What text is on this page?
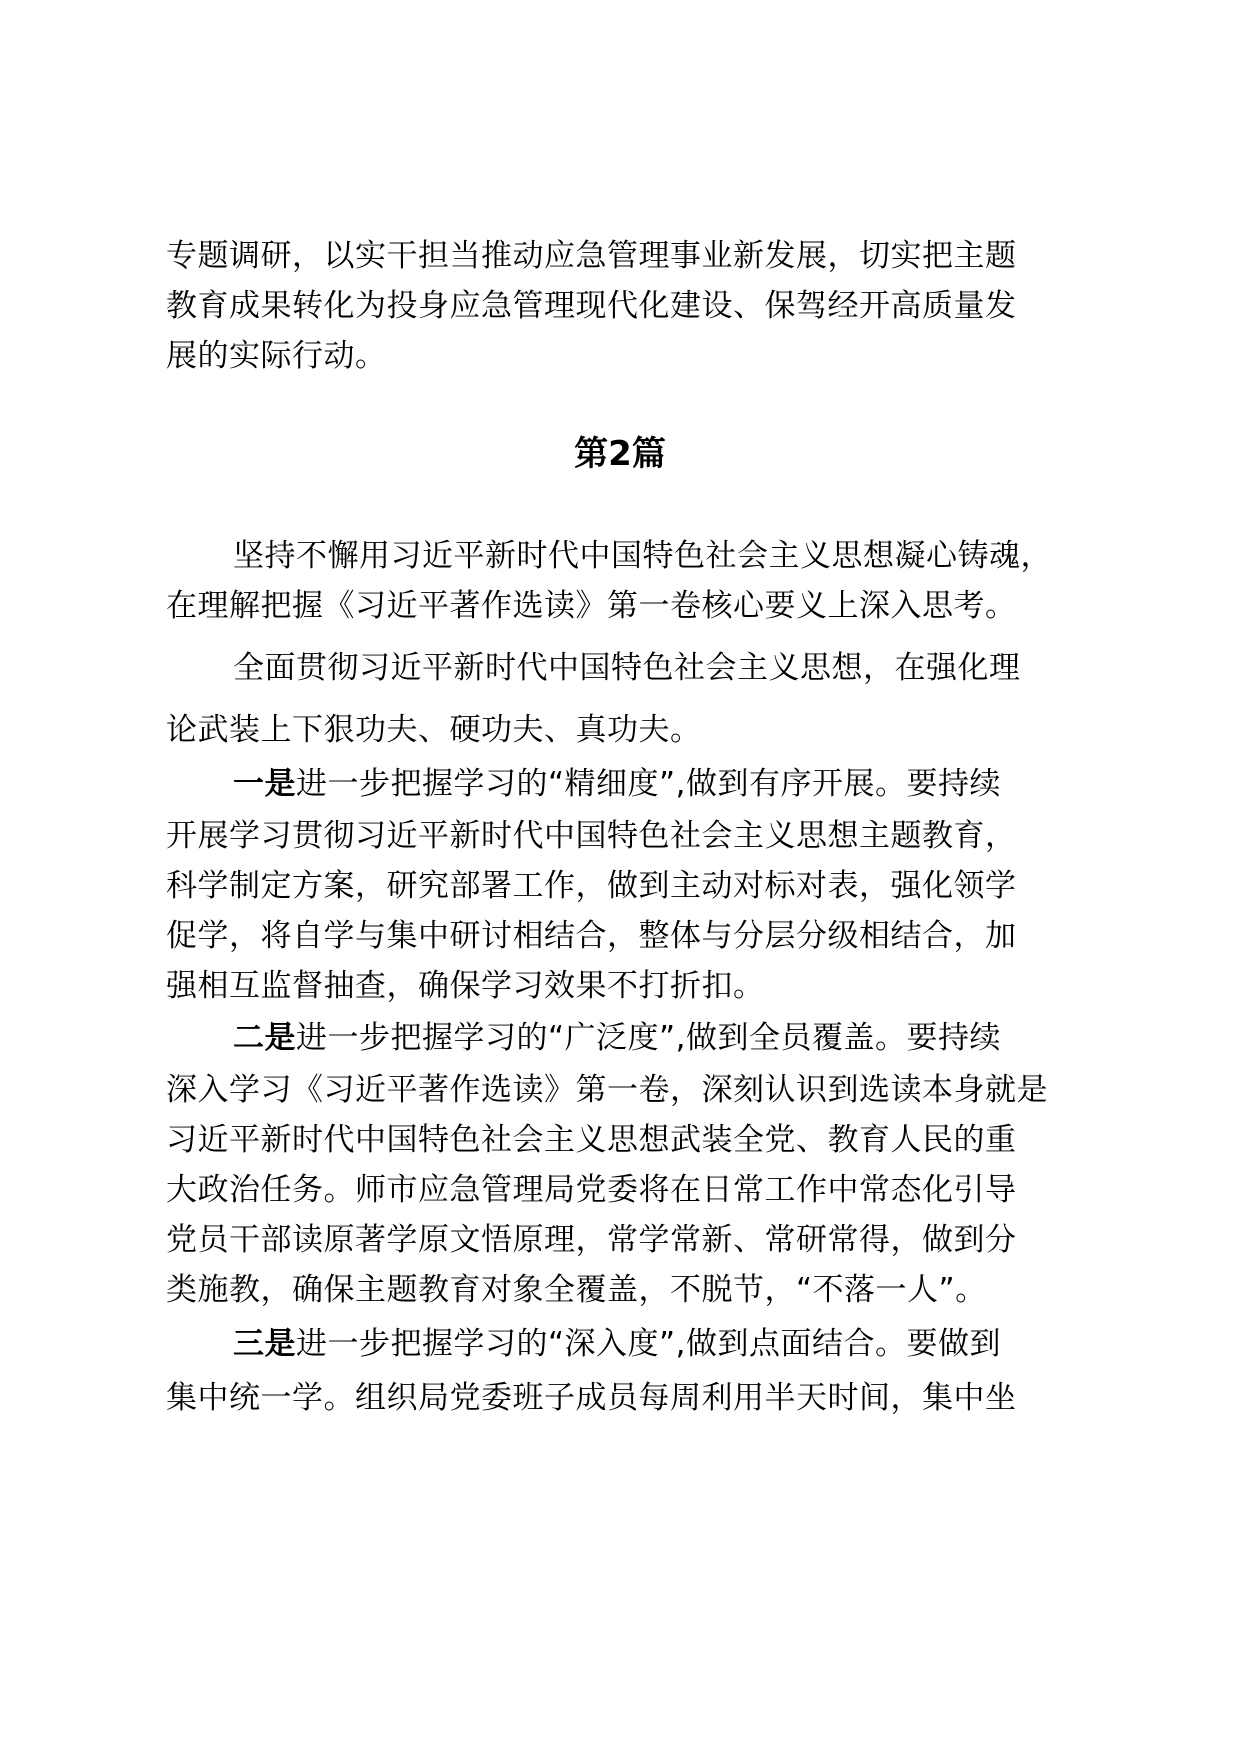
专题调研，以实干担当推动应急管理事业新发展，切实把主题
教育成果转化为投身应急管理现代化建设、保驾经开高质量发
展的实际行动。
第2篇
坚持不懈用习近平新时代中国特色社会主义思想凝心铸魂，
在理解把握《习近平著作选读》第一卷核心要义上深入思考。
全面贯彻习近平新时代中国特色社会主义思想，在强化理
论武装上下狠功夫、硬功夫、真功夫。
一是进一步把握学习的“精细度”,做到有序开展。要持续
开展学习贯彻习近平新时代中国特色社会主义思想主题教育，
科学制定方案，研究部署工作，做到主动对标对表，强化领学
促学，将自学与集中研讨相结合，整体与分层分级相结合，加
强相互监督抽查，确保学习效果不打折扣。
二是进一步把握学习的“广泛度”,做到全员覆盖。要持续
深入学习《习近平著作选读》第一卷，深刻认识到选读本身就是
习近平新时代中国特色社会主义思想武装全党、教育人民的重
大政治任务。师市应急管理局党委将在日常工作中常态化引导
党员干部读原著学原文悟原理，常学常新、常研常得，做到分
类施教，确保主题教育对象全覆盖，不脱节，“不落一人”。
三是进一步把握学习的“深入度”,做到点面结合。要做到
集中统一学。组织局党委班子成员每周利用半天时间，集中坐
